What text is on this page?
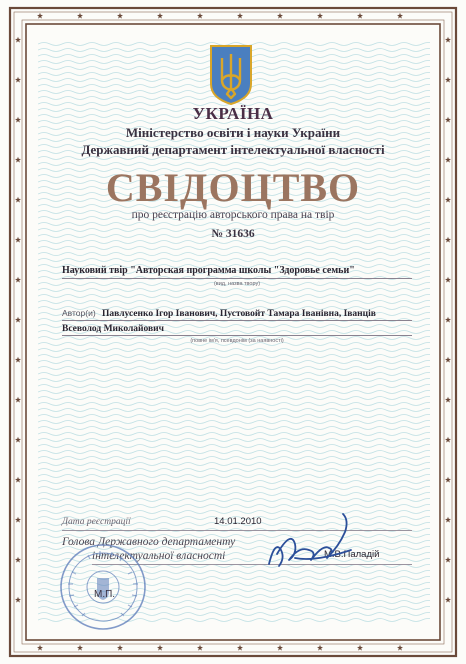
УКРАЇНА
Міністерство освіти і науки України
Державний департамент інтелектуальної власності
СВІДОЦТВО
про реєстрацію авторського права на твір
№ 31636
Науковий твір "Авторская программа школы "Здоровье семьи"
(вид, назва твору)
Автор(и) Павлусенко Ігор Іванович, Пустовойт Тамара Іванівна, Іванців Всеволод Миколайович
(повне ім'я, псевдонім (за наявності)
Дата реєстрації	14.01.2010
Голова Державного департаменту
інтелектуальної власності	М.В.Паладій
М.П.
